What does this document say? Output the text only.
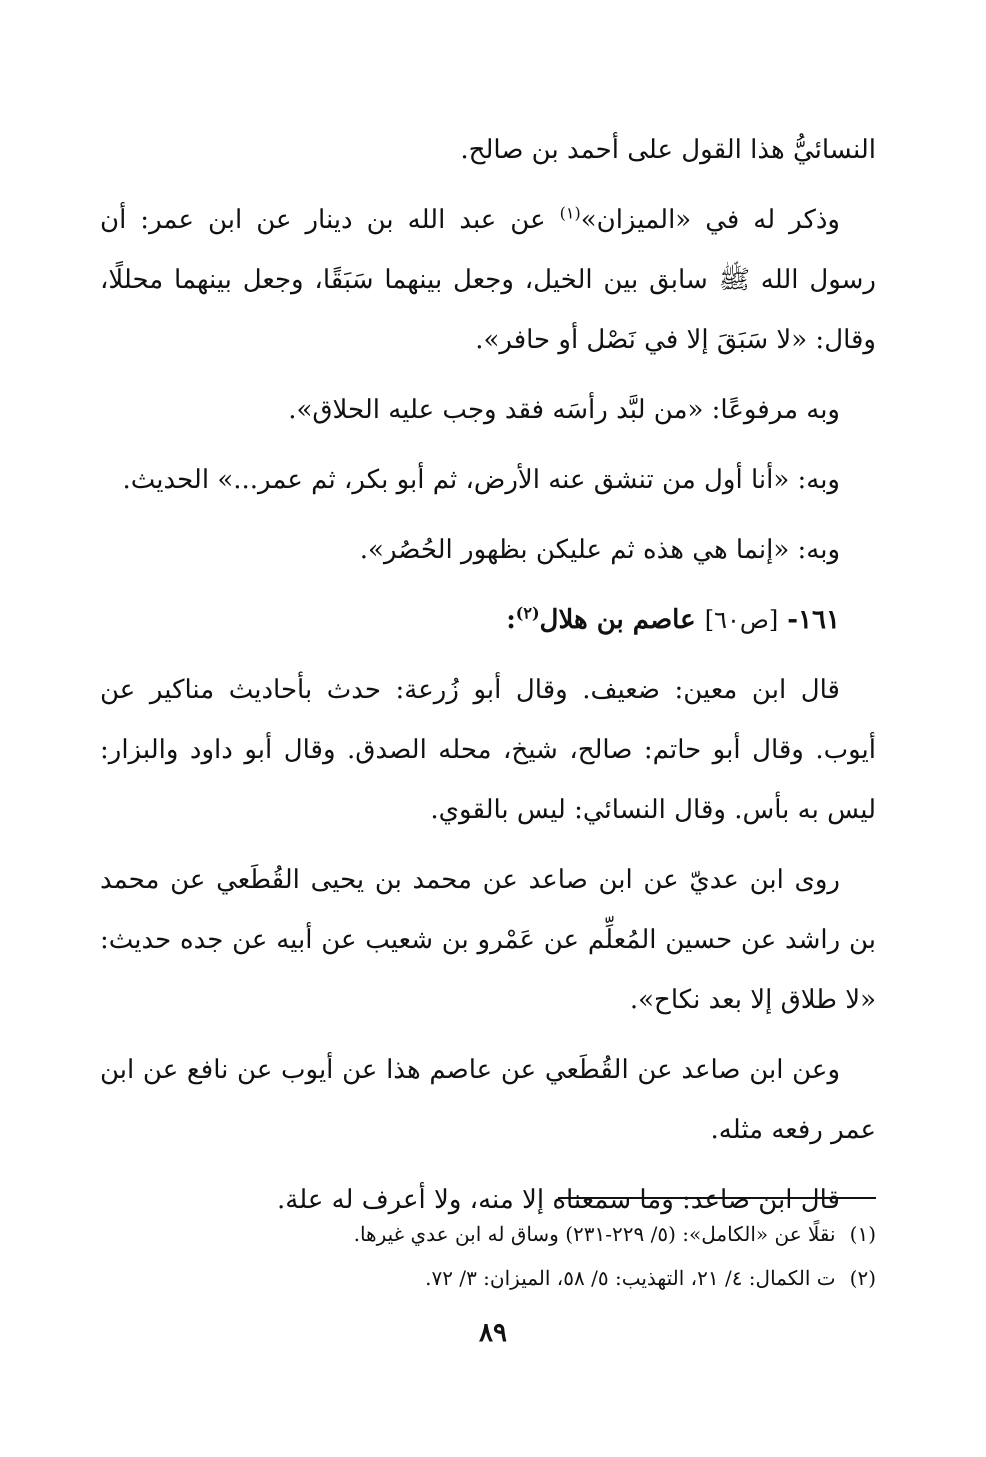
النسائيُّ هذا القول على أحمد بن صالح.

وذكر له في «الميزان»$^{(١)}$ عن عبد الله بن دينار عن ابن عمر: أن رسول الله ﷺ سابق بين الخيل، وجعل بينهما سَبَقًا، وجعل بينهما محللًا، وقال: «لا سَبَقَ إلا في نَصْل أو حافر».

وبه مرفوعًا: «من لبَّد رأسَه فقد وجب عليه الحلاق».

وبه: «أنا أول من تنشق عنه الأرض، ثم أبو بكر، ثم عمر...» الحديث.

وبه: «إنما هي هذه ثم عليكن بظهور الحُصُر».

١٦١- [ص٦٠] عاصم بن هلال$^{(٢)}$:

قال ابن معين: ضعيف. وقال أبو زُرعة: حدث بأحاديث مناكير عن أيوب. وقال أبو حاتم: صالح، شيخ، محله الصدق. وقال أبو داود والبزار: ليس به بأس. وقال النسائي: ليس بالقوي.

روى ابن عديّ عن ابن صاعد عن محمد بن يحيى القُطَعي عن محمد بن راشد عن حسين المُعلِّم عن عَمْرو بن شعيب عن أبيه عن جده حديث: «لا طلاق إلا بعد نكاح».

وعن ابن صاعد عن القُطَعي عن عاصم هذا عن أيوب عن نافع عن ابن عمر رفعه مثله.

قال ابن صاعد: وما سمعناه إلا منه، ولا أعرف له علة.

(١)نقلًا عن «الكامل»: (٥/ ٢٢٩-٢٣١) وساق له ابن عدي غيرها.

(٢)ت الكمال: ٤/ ٢١، التهذيب: ٥/ ٥٨، الميزان: ٣/ ٧٢.

٨٩
